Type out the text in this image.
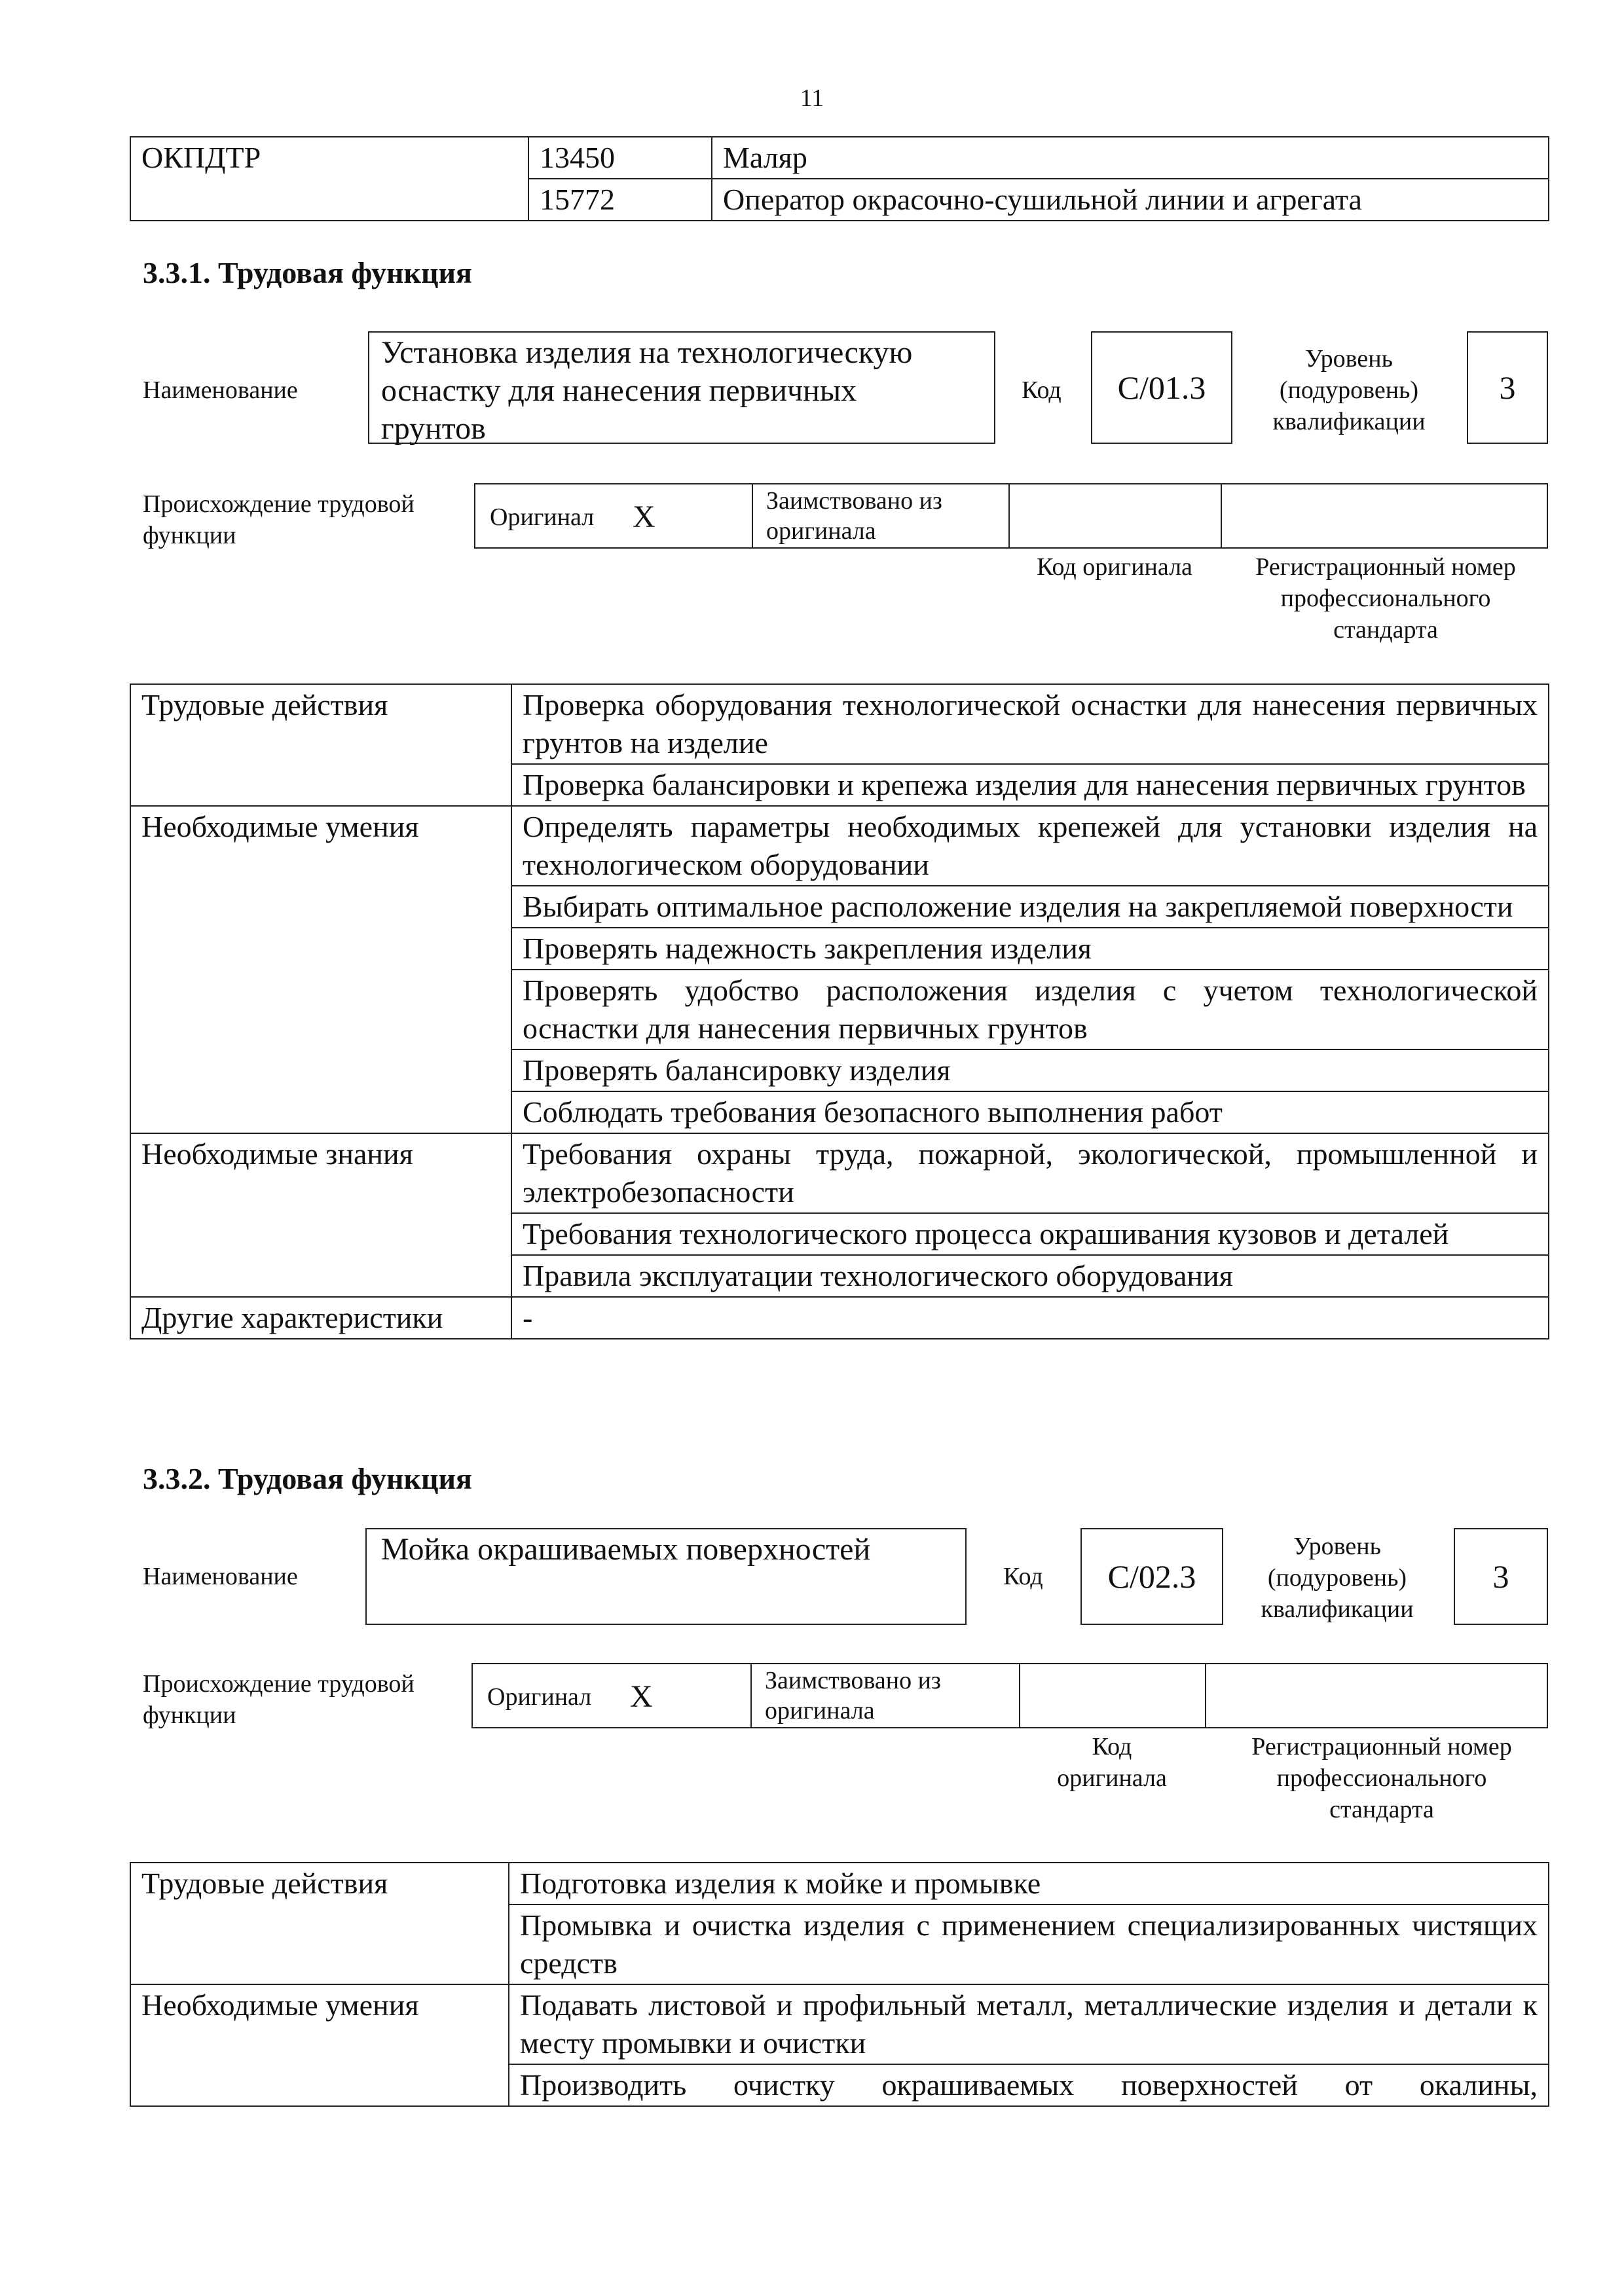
11
ОКПДТР	13450	Маляр
	15772	Оператор окрасочно-сушильной линии и агрегата
3.3.1. Трудовая функция
Наименование
Установка изделия на технологическую
оснастку для нанесения первичных
грунтов
Код	С/01.3
Уровень
(подуровень)
квалификации
3
Происхождение трудовой
функции
Оригинал X	Заимствовано из
оригинала
Код оригинала	Регистрационный номер
профессионального
стандарта
Трудовые действия	Проверка оборудования технологической оснастки для нанесения первичных грунтов на изделие
	Проверка балансировки и крепежа изделия для нанесения первичных грунтов
Необходимые умения	Определять параметры необходимых крепежей для установки изделия на технологическом оборудовании
	Выбирать оптимальное расположение изделия на закрепляемой поверхности
	Проверять надежность закрепления изделия
	Проверять удобство расположения изделия с учетом технологической оснастки для нанесения первичных грунтов
	Проверять балансировку изделия
	Соблюдать требования безопасного выполнения работ
Необходимые знания	Требования охраны труда, пожарной, экологической, промышленной и электробезопасности
	Требования технологического процесса окрашивания кузовов и деталей
	Правила эксплуатации технологического оборудования
Другие характеристики	-
3.3.2. Трудовая функция
Наименование
Мойка окрашиваемых поверхностей
Код	С/02.3
Уровень
(подуровень)
квалификации
3
Происхождение трудовой
функции
Оригинал X	Заимствовано из
оригинала
Код
оригинала
Регистрационный номер
профессионального
стандарта
Трудовые действия	Подготовка изделия к мойке и промывке
	Промывка и очистка изделия с применением специализированных чистящих средств
Необходимые умения	Подавать листовой и профильный металл, металлические изделия и детали к месту промывки и очистки
	Производить очистку окрашиваемых поверхностей от окалины,
